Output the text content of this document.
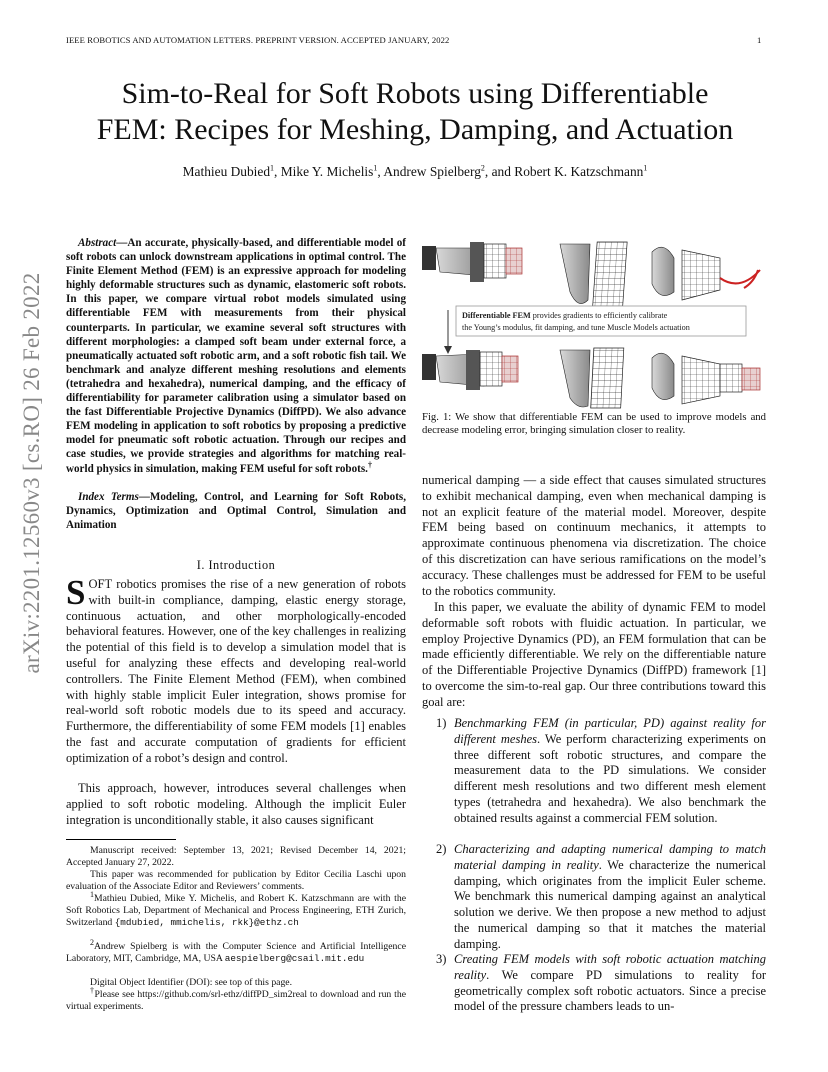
IEEE ROBOTICS AND AUTOMATION LETTERS. PREPRINT VERSION. ACCEPTED JANUARY, 2022	1
Sim-to-Real for Soft Robots using Differentiable
FEM: Recipes for Meshing, Damping, and Actuation
Mathieu Dubied$^1$, Mike Y. Michelis$^1$, Andrew Spielberg$^2$, and Robert K. Katzschmann$^1$
arXiv:2201.12560v3 [cs.RO] 26 Feb 2022
Abstract—An accurate, physically-based, and differentiable model of soft robots can unlock downstream applications in optimal control. The Finite Element Method (FEM) is an expressive approach for modeling highly deformable structures such as dynamic, elastomeric soft robots. In this paper, we compare virtual robot models simulated using differentiable FEM with measurements from their physical counterparts. In particular, we examine several soft structures with different morphologies: a clamped soft beam under external force, a pneumatically actuated soft robotic arm, and a soft robotic fish tail. We benchmark and analyze different meshing resolutions and elements (tetrahedra and hexahedra), numerical damping, and the efficacy of differentiability for parameter calibration using a simulator based on the fast Differentiable Projective Dynamics (DiffPD). We also advance FEM modeling in application to soft robotics by proposing a predictive model for pneumatic soft robotic actuation. Through our recipes and case studies, we provide strategies and algorithms for matching real-world physics in simulation, making FEM useful for soft robots.†
Index Terms—Modeling, Control, and Learning for Soft Robots, Dynamics, Optimization and Optimal Control, Simulation and Animation
I. Introduction
SOFT robotics promises the rise of a new generation of robots with built-in compliance, damping, elastic energy storage, continuous actuation, and other morphologically-encoded behavioral features. However, one of the key challenges in realizing the potential of this field is to develop a simulation model that is useful for analyzing these effects and developing real-world controllers. The Finite Element Method (FEM), when combined with highly stable implicit Euler integration, shows promise for real-world soft robotic models due to its speed and accuracy. Furthermore, the differentiability of some FEM models [1] enables the fast and accurate computation of gradients for efficient optimization of a robot’s design and control.
This approach, however, introduces several challenges when applied to soft robotic modeling. Although the implicit Euler integration is unconditionally stable, it also causes significant
Manuscript received: September 13, 2021; Revised December 14, 2021; Accepted January 27, 2022.
This paper was recommended for publication by Editor Cecilia Laschi upon evaluation of the Associate Editor and Reviewers’ comments.
$^1$Mathieu Dubied, Mike Y. Michelis, and Robert K. Katzschmann are with the Soft Robotics Lab, Department of Mechanical and Process Engineering, ETH Zurich, Switzerland {mdubied, mmichelis, rkk}@ethz.ch
$^2$Andrew Spielberg is with the Computer Science and Artificial Intelligence Laboratory, MIT, Cambridge, MA, USA aespielberg@csail.mit.edu
Digital Object Identifier (DOI): see top of this page.
†Please see https://github.com/srl-ethz/diffPD_sim2real to download and run the virtual experiments.
Differentiable FEM provides gradients to efficiently calibrate
the Young’s modulus, fit damping, and tune Muscle Models actuation
Fig. 1: We show that differentiable FEM can be used to improve models and decrease modeling error, bringing simulation closer to reality.
numerical damping — a side effect that causes simulated structures to exhibit mechanical damping, even when mechanical damping is not an explicit feature of the material model. Moreover, despite FEM being based on continuum mechanics, it attempts to approximate continuous phenomena via discretization. The choice of this discretization can have serious ramifications on the model’s accuracy. These challenges must be addressed for FEM to be useful to the robotics community.
In this paper, we evaluate the ability of dynamic FEM to model deformable soft robots with fluidic actuation. In particular, we employ Projective Dynamics (PD), an FEM formulation that can be made efficiently differentiable. We rely on the differentiable nature of the Differentiable Projective Dynamics (DiffPD) framework [1] to overcome the sim-to-real gap. Our three contributions toward this goal are:
1) Benchmarking FEM (in particular, PD) against reality for different meshes. We perform characterizing experiments on three different soft robotic structures, and compare the measurement data to the PD simulations. We consider different mesh resolutions and two different mesh element types (tetrahedra and hexahedra). We also benchmark the obtained results against a commercial FEM solution.
2) Characterizing and adapting numerical damping to match material damping in reality. We characterize the numerical damping, which originates from the implicit Euler scheme. We benchmark this numerical damping against an analytical solution we derive. We then propose a new method to adjust the numerical damping so that it matches the material damping.
3) Creating FEM models with soft robotic actuation matching reality. We compare PD simulations to reality for geometrically complex soft robotic actuators. Since a precise model of the pressure chambers leads to un-
